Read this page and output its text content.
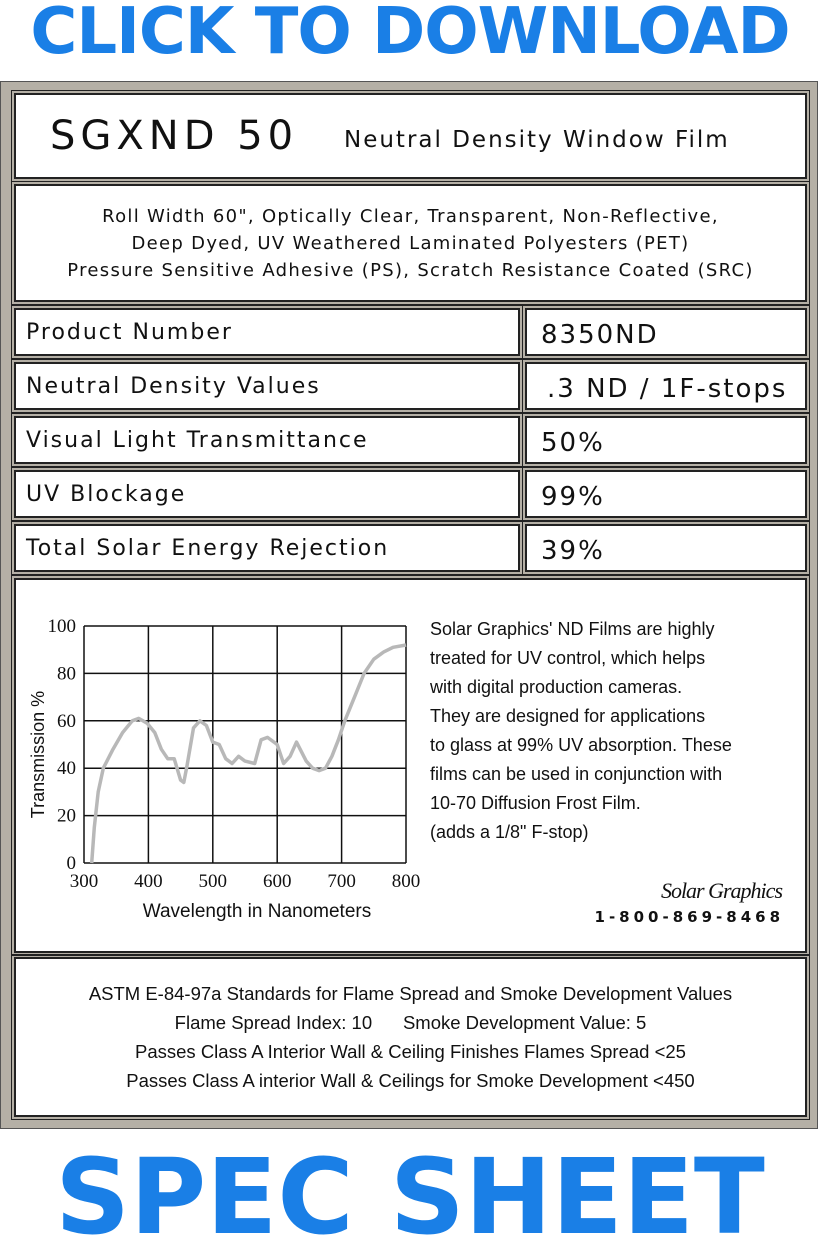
CLICK TO DOWNLOAD
SGXND 50 Neutral Density Window Film
Roll Width 60", Optically Clear, Transparent, Non-Reflective,
Deep Dyed, UV Weathered Laminated Polyesters (PET)
Pressure Sensitive Adhesive (PS), Scratch Resistance Coated (SRC)
Product Number	8350ND
Neutral Density Values	.3 ND / 1F-stops
Visual Light Transmittance	50%
UV Blockage	99%
Total Solar Energy Rejection	39%
300 400 500 600 700 800
0
20
40
60
80
100
Wavelength in Nanometers
Transmission %
Solar Graphics' ND Films are highly
treated for UV control, which helps
with digital production cameras.
They are designed for applications
to glass at 99% UV absorption. These
films can be used in conjunction with
10-70 Diffusion Frost Film.
(adds a 1/8" F-stop)
Solar Graphics
1-800-869-8468
ASTM E-84-97a Standards for Flame Spread and Smoke Development Values
Flame Spread Index: 10      Smoke Development Value: 5
Passes Class A Interior Wall & Ceiling Finishes Flames Spread <25
Passes Class A interior Wall & Ceilings for Smoke Development <450
SPEC SHEET
